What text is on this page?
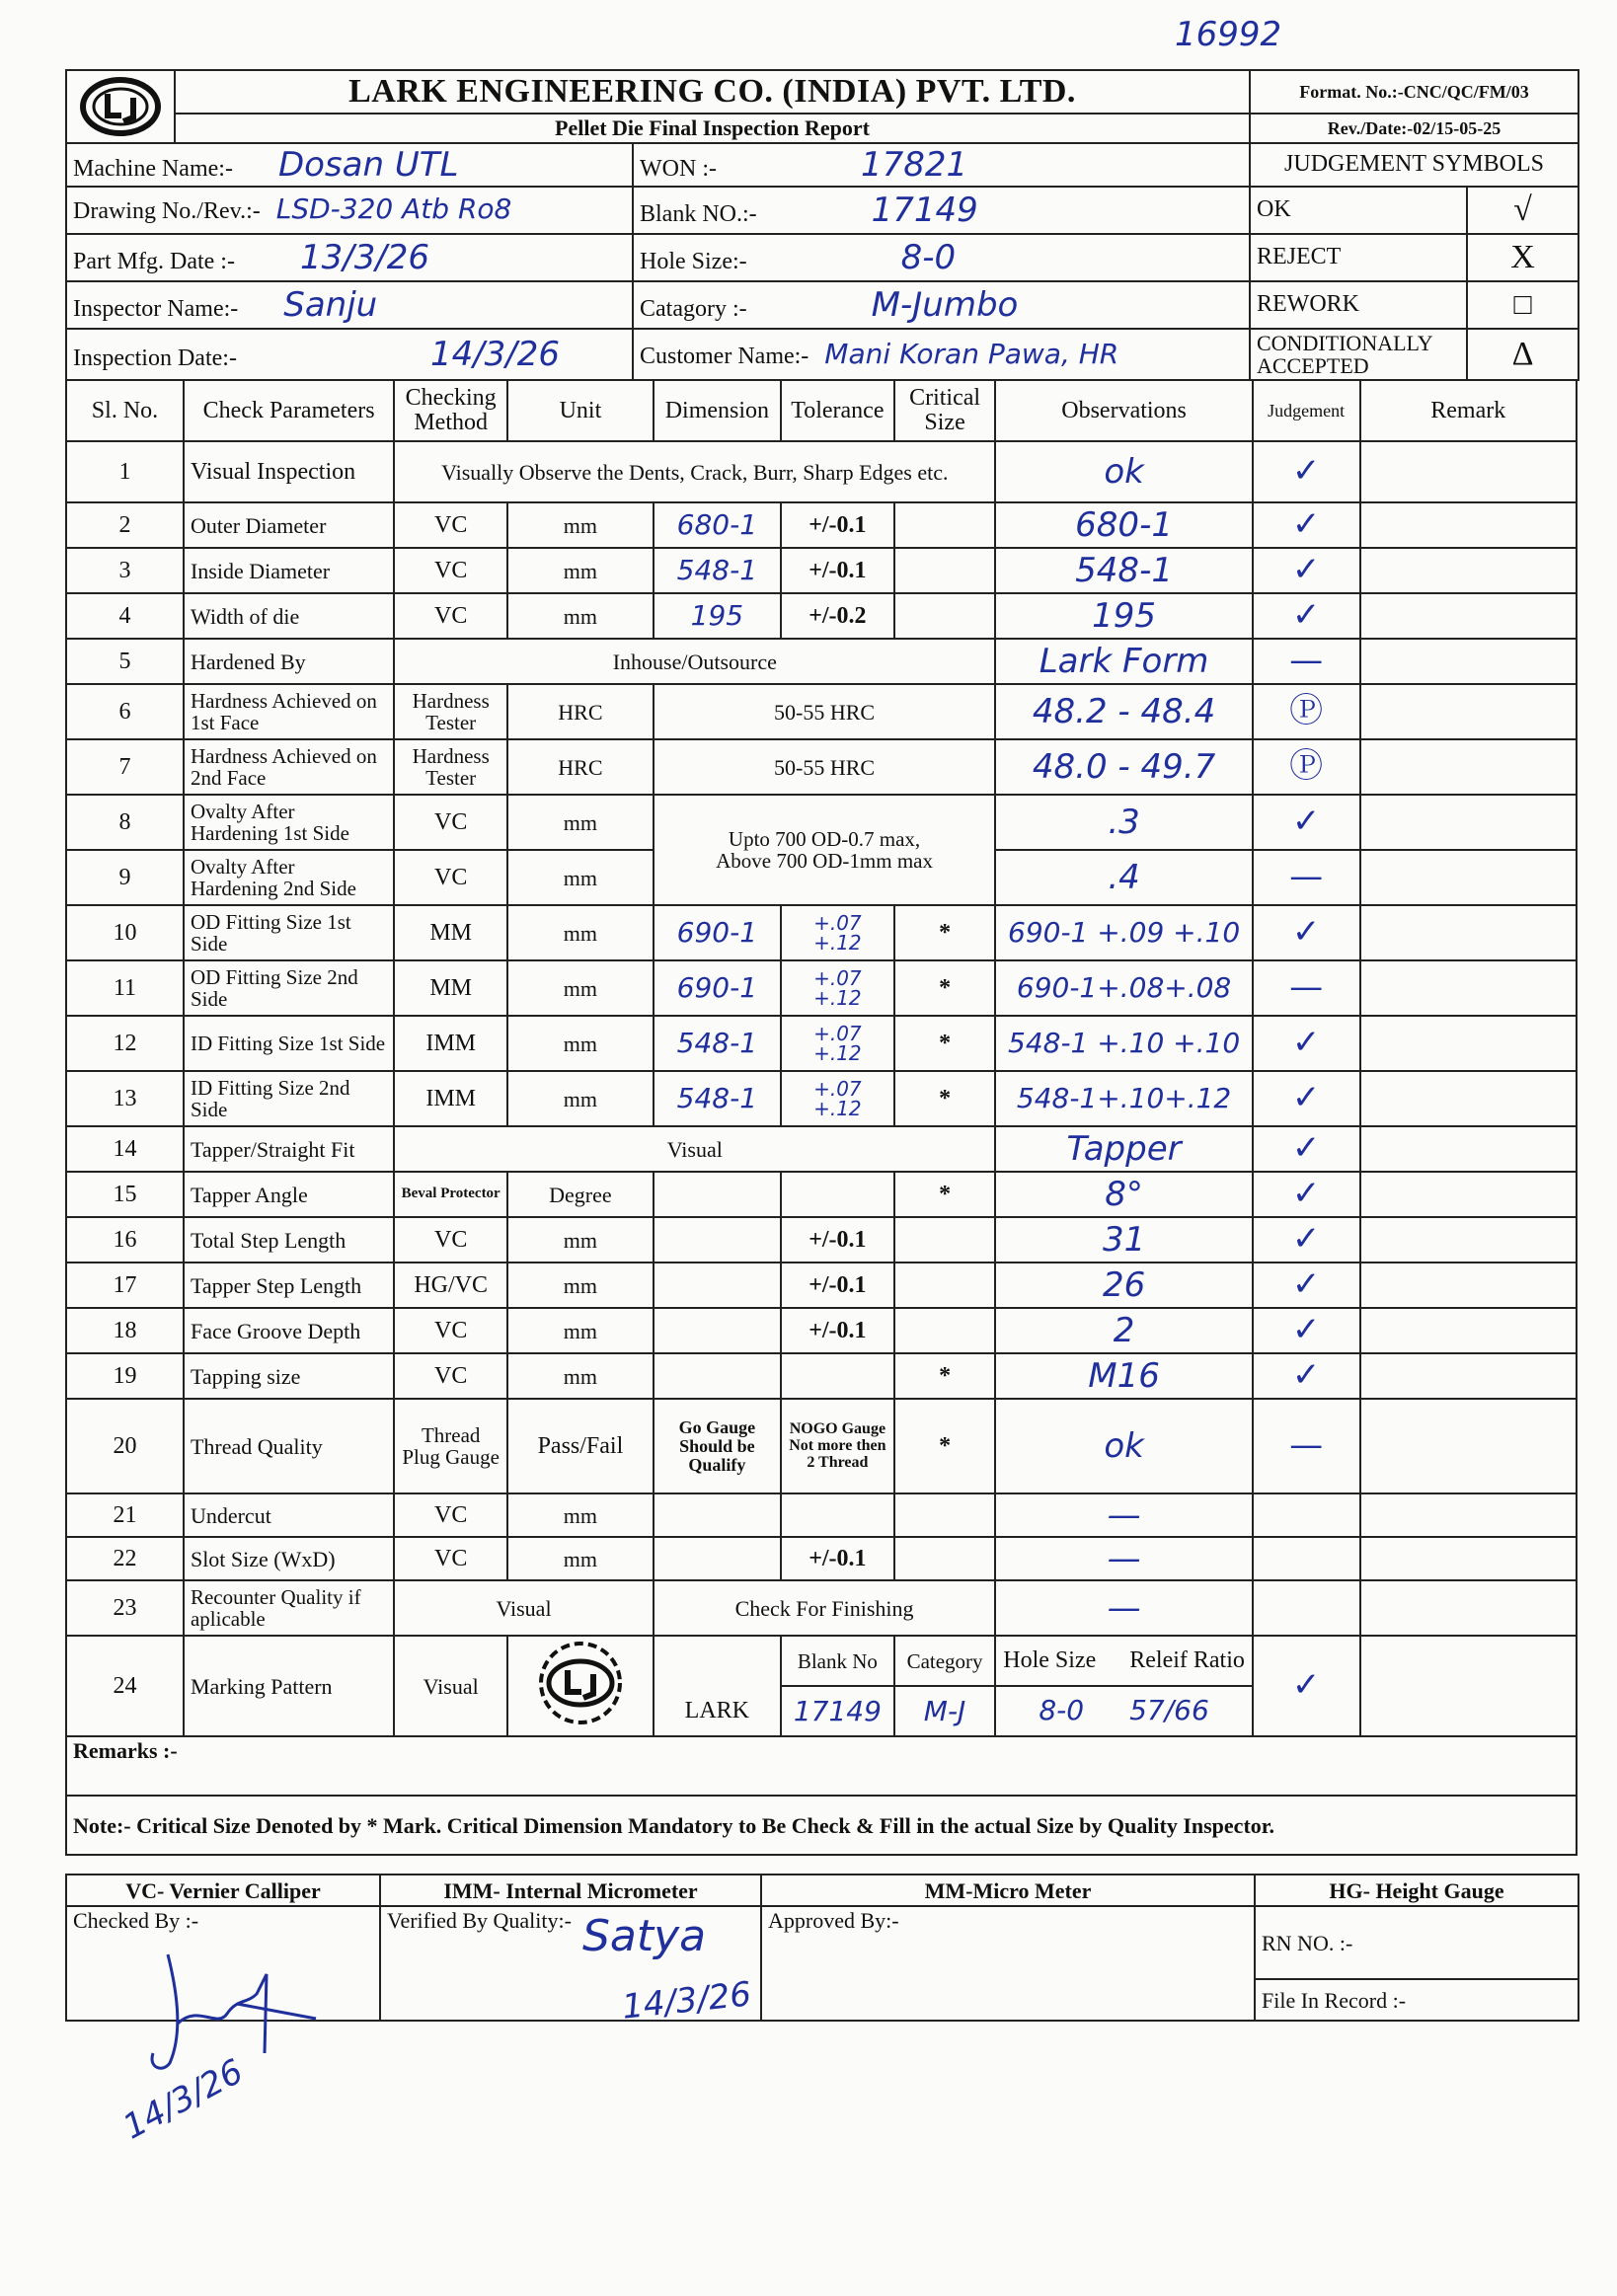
16992
	LARK ENGINEERING CO. (INDIA) PVT. LTD.	Format. No.:-CNC/QC/FM/03
	Pellet Die Final Inspection Report	Rev./Date:-02/15-05-25
Machine Name:- Dosan UTL	WON :- 17821	JUDGEMENT SYMBOLS	
Drawing No./Rev.:- LSD-320 Atb Ro8	Blank NO.:- 17149	OK	√
Part Mfg. Date :- 13/3/26	Hole Size:- 8-0	REJECT	X
Inspector Name:- Sanju	Catagory :- M-Jumbo	REWORK	□
Inspection Date:- 14/3/26	Customer Name:- Mani Koran Pawa, HR	CONDITIONALLY ACCEPTED	Δ
Sl. No.	Check Parameters	Checking Method	Unit	Dimension	Tolerance	Critical Size	Observations	Judgement	Remark
1	Visual Inspection	Visually Observe the Dents, Crack, Burr, Sharp Edges etc.					ok	✓	
2	Outer Diameter	VC	mm	680-1	+/-0.1		680-1	✓	
3	Inside Diameter	VC	mm	548-1	+/-0.1		548-1	✓	
4	Width of die	VC	mm	195	+/-0.2		195	✓	
5	Hardened By	Inhouse/Outsource					Lark Form	—	
6	Hardness Achieved on 1st Face	Hardness Tester	HRC	50-55 HRC			48.2 - 48.4	Ⓟ	
7	Hardness Achieved on 2nd Face	Hardness Tester	HRC	50-55 HRC			48.0 - 49.7	Ⓟ	
8	Ovalty After Hardening 1st Side	VC	mm	Upto 700 OD-0.7 max,
Above 700 OD-1mm max			.3	✓	
9	Ovalty After Hardening 2nd Side	VC	mm				.4	—	
10	OD Fitting Size 1st Side	MM	mm	690-1	+.07 +.12	*	690-1 +.09 +.10	✓	
11	OD Fitting Size 2nd Side	MM	mm	690-1	+.07 +.12	*	690-1+.08+.08	—	
12	ID Fitting Size 1st Side	IMM	mm	548-1	+.07 +.12	*	548-1 +.10 +.10	✓	
13	ID Fitting Size 2nd Side	IMM	mm	548-1	+.07 +.12	*	548-1+.10+.12	✓	
14	Tapper/Straight Fit	Visual					Tapper	✓	
15	Tapper Angle	Beval Protector	Degree			*	8°	✓	
16	Total Step Length	VC	mm		+/-0.1		31	✓	
17	Tapper Step Length	HG/VC	mm		+/-0.1		26	✓	
18	Face Groove Depth	VC	mm		+/-0.1		2	✓	
19	Tapping size	VC	mm			*	M16	✓	
20	Thread Quality	Thread Plug Gauge	Pass/Fail	Go Gauge Should be Qualify	NOGO Gauge Not more then 2 Thread	*	ok	—	
21	Undercut	VC	mm				—		
22	Slot Size (WxD)	VC	mm		+/-0.1		—		
23	Recounter Quality if aplicable	Visual		Check For Finishing			—		
24	Marking Pattern	Visual			Blank No	Category	Hole Size Releif Ratio	✓	
				LARK	17149	M-J	8-0 57/66		
Remarks :-									
Note:- Critical Size Denoted by * Mark. Critical Dimension Mandatory to Be Check & Fill in the actual Size by Quality Inspector.									
VC- Vernier Calliper	IMM- Internal Micrometer	MM-Micro Meter	HG- Height Gauge
Checked By :-	Verified By Quality:-	Approved By:-	RN NO. :-
			File In Record :-
14/3/26
Satya
14/3/26
